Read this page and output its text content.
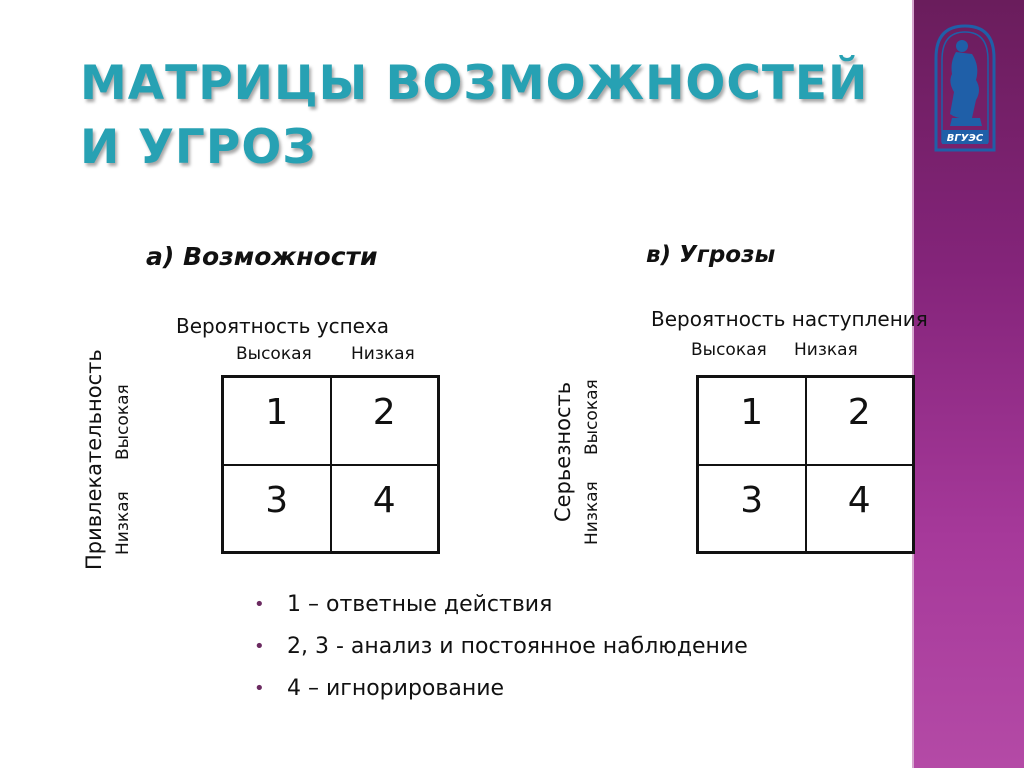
ВГУЭС
МАТРИЦЫ ВОЗМОЖНОСТЕЙ
И УГРОЗ
а) Возможности
Вероятность успеха
Высокая Низкая
Привлекательность Высокая
Низкая
1	2
3	4
в) Угрозы
Вероятность наступления
Высокая Низкая
Серьезность Высокая
Низкая
1	2
3	4
• 1 – ответные действия
• 2, 3 - анализ и постоянное наблюдение
• 4 – игнорирование
